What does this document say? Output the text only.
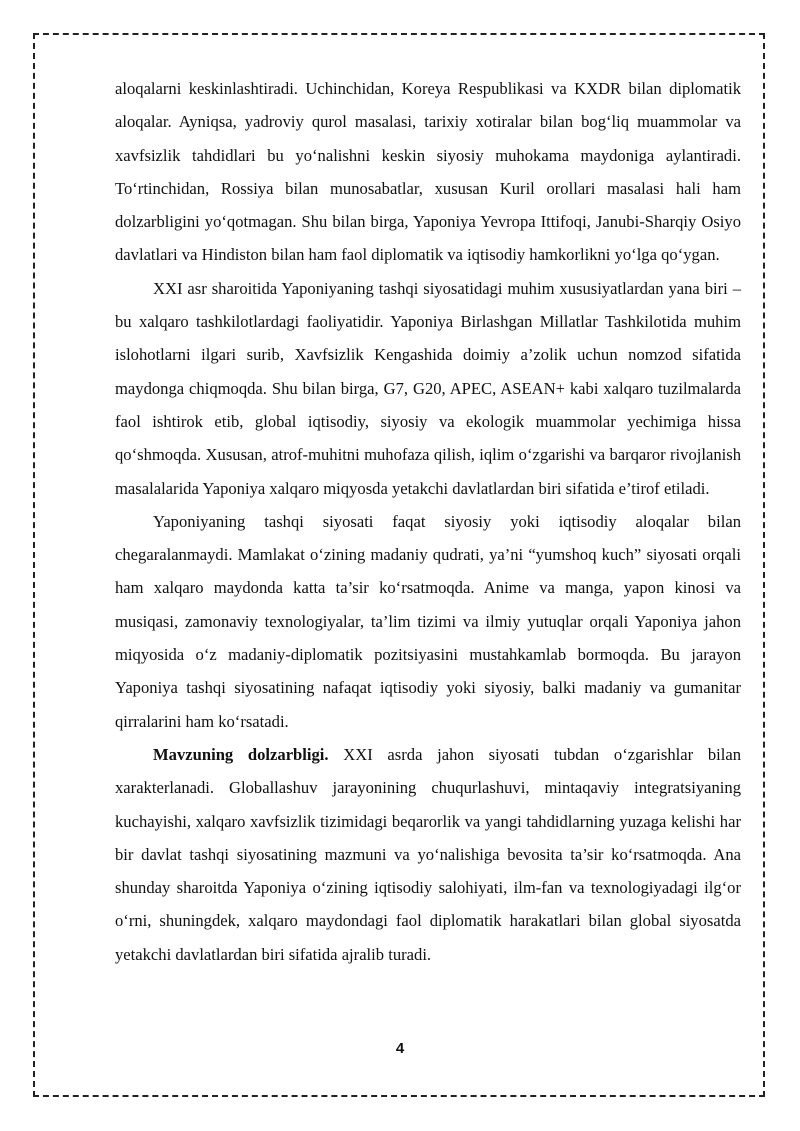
aloqalarni keskinlashtiradi. Uchinchidan, Koreya Respublikasi va KXDR bilan diplomatik aloqalar. Ayniqsa, yadroviy qurol masalasi, tarixiy xotiralar bilan bog‘liq muammolar va xavfsizlik tahdidlari bu yo‘nalishni keskin siyosiy muhokama maydoniga aylantiradi. To‘rtinchidan, Rossiya bilan munosabatlar, xususan Kuril orollari masalasi hali ham dolzarbligini yo‘qotmagan. Shu bilan birga, Yaponiya Yevropa Ittifoqi, Janubi-Sharqiy Osiyo davlatlari va Hindiston bilan ham faol diplomatik va iqtisodiy hamkorlikni yo‘lga qo‘ygan.

XXI asr sharoitida Yaponiyaning tashqi siyosatidagi muhim xususiyatlardan yana biri – bu xalqaro tashkilotlardagi faoliyatidir. Yaponiya Birlashgan Millatlar Tashkilotida muhim islohotlarni ilgari surib, Xavfsizlik Kengashida doimiy a’zolik uchun nomzod sifatida maydonga chiqmoqda. Shu bilan birga, G7, G20, APEC, ASEAN+ kabi xalqaro tuzilmalarda faol ishtirok etib, global iqtisodiy, siyosiy va ekologik muammolar yechimiga hissa qo‘shmoqda. Xususan, atrof-muhitni muhofaza qilish, iqlim o‘zgarishi va barqaror rivojlanish masalalarida Yaponiya xalqaro miqyosda yetakchi davlatlardan biri sifatida e’tirof etiladi.

Yaponiyaning tashqi siyosati faqat siyosiy yoki iqtisodiy aloqalar bilan chegaralanmaydi. Mamlakat o‘zining madaniy qudrati, ya’ni “yumshoq kuch” siyosati orqali ham xalqaro maydonda katta ta’sir ko‘rsatmoqda. Anime va manga, yapon kinosi va musiqasi, zamonaviy texnologiyalar, ta’lim tizimi va ilmiy yutuqlar orqali Yaponiya jahon miqyosida o‘z madaniy-diplomatik pozitsiyasini mustahkamlab bormoqda. Bu jarayon Yaponiya tashqi siyosatining nafaqat iqtisodiy yoki siyosiy, balki madaniy va gumanitar qirralarini ham ko‘rsatadi.

Mavzuning dolzarbligi. XXI asrda jahon siyosati tubdan o‘zgarishlar bilan xarakterlanadi. Globallashuv jarayonining chuqurlashuvi, mintaqaviy integratsiyaning kuchayishi, xalqaro xavfsizlik tizimidagi beqarorlik va yangi tahdidlarning yuzaga kelishi har bir davlat tashqi siyosatining mazmuni va yo‘nalishiga bevosita ta’sir ko‘rsatmoqda. Ana shunday sharoitda Yaponiya o‘zining iqtisodiy salohiyati, ilm-fan va texnologiyadagi ilg‘or o‘rni, shuningdek, xalqaro maydondagi faol diplomatik harakatlari bilan global siyosatda yetakchi davlatlardan biri sifatida ajralib turadi.

4
